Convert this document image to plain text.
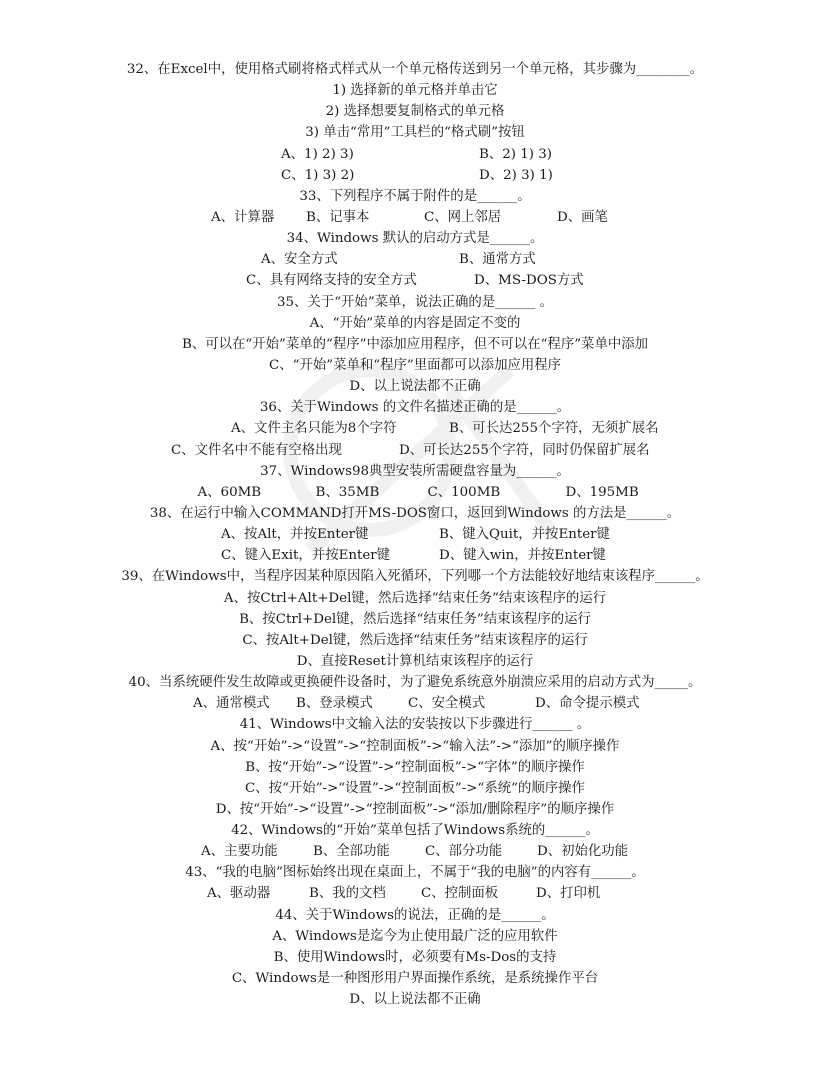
32、在Excel中，使用格式刷将格式样式从一个单元格传送到另一个单元格，其步骤为________。
1) 选择新的单元格并单击它
2) 选择想要复制格式的单元格
3) 单击“常用”工具栏的“格式刷”按钮
A、1) 2) 3)	B、2) 1) 3)
C、1) 3) 2)	D、2) 3) 1)
33、下列程序不属于附件的是______。
A、计算器	B、记事本	C、网上邻居	D、画笔
34、Windows 默认的启动方式是______。
A、安全方式	B、通常方式
C、具有网络支持的安全方式	D、MS-DOS方式
35、关于“开始”菜单，说法正确的是______ 。
A、“开始”菜单的内容是固定不变的
B、可以在“开始”菜单的“程序”中添加应用程序，但不可以在“程序”菜单中添加
C、“开始”菜单和“程序”里面都可以添加应用程序
D、以上说法都不正确
36、关于Windows 的文件名描述正确的是______。
A、文件主名只能为8个字符	B、可长达255个字符，无须扩展名
C、文件名中不能有空格出现	D、可长达255个字符，同时仍保留扩展名
37、Windows98典型安装所需硬盘容量为______。
A、60MB	B、35MB	C、100MB	D、195MB
38、在运行中输入COMMAND打开MS-DOS窗口，返回到Windows 的方法是______。
A、按Alt，并按Enter键	B、键入Quit，并按Enter键
C、键入Exit，并按Enter键	D、键入win，并按Enter键
39、在Windows中，当程序因某种原因陷入死循环，下列哪一个方法能较好地结束该程序______。
A、按Ctrl+Alt+Del键，然后选择“结束任务”结束该程序的运行
B、按Ctrl+Del键，然后选择“结束任务”结束该程序的运行
C、按Alt+Del键，然后选择“结束任务”结束该程序的运行
D、直接Reset计算机结束该程序的运行
40、当系统硬件发生故障或更换硬件设备时，为了避免系统意外崩溃应采用的启动方式为_____。
A、通常模式	B、登录模式	C、安全模式	D、命令提示模式
41、Windows中文输入法的安装按以下步骤进行______ 。
A、按“开始”->“设置”->“控制面板”->“输入法”->“添加”的顺序操作
B、按“开始”->“设置”->“控制面板”->“字体”的顺序操作
C、按“开始”->“设置”->“控制面板”->“系统”的顺序操作
D、按“开始”->“设置”->“控制面板”->“添加/删除程序”的顺序操作
42、Windows的“开始”菜单包括了Windows系统的______。
A、主要功能	B、全部功能	C、部分功能	D、初始化功能
43、“我的电脑”图标始终出现在桌面上，不属于“我的电脑”的内容有______。
A、驱动器	B、我的文档	C、控制面板	D、打印机
44、关于Windows的说法，正确的是______。
A、Windows是迄今为止使用最广泛的应用软件
B、使用Windows时，必须要有Ms-Dos的支持
C、Windows是一种图形用户界面操作系统，是系统操作平台
D、以上说法都不正确
